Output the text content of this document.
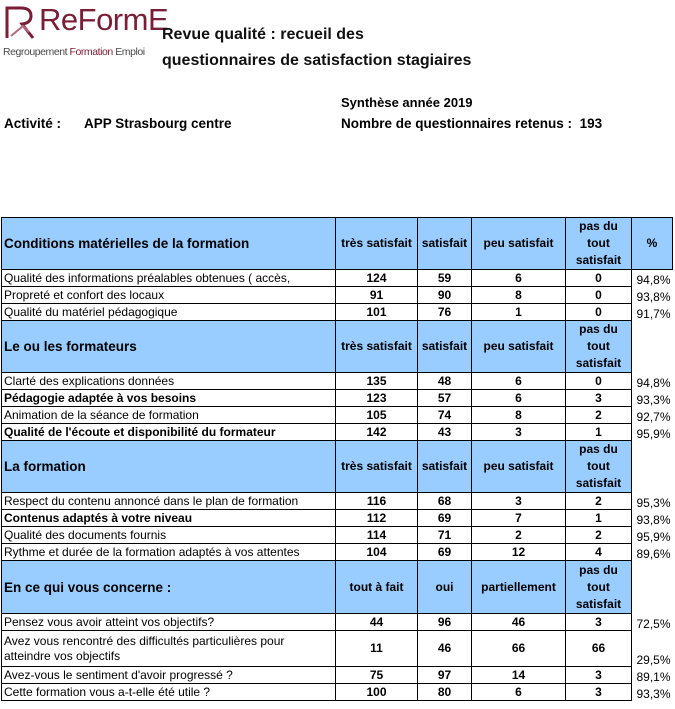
ReFormE
Regroupement Formation Emploi
Revue qualité : recueil des
questionnaires de satisfaction stagiaires
Synthèse année 2019
Activité : APP Strasbourg centre	Nombre de questionnaires retenus : 193
Conditions matérielles de la formation	très satisfait	satisfait	peu satisfait	pas du tout satisfait	%
Qualité des informations préalables obtenues ( accès,	124	59	6	0	94,8%
Propreté et confort des locaux	91	90	8	0	93,8%
Qualité du matériel pédagogique	101	76	1	0	91,7%
Le ou les formateurs	très satisfait	satisfait	peu satisfait	pas du tout satisfait	
Clarté des explications données	135	48	6	0	94,8%
Pédagogie adaptée à vos besoins	123	57	6	3	93,3%
Animation de la séance de formation	105	74	8	2	92,7%
Qualité de l'écoute et disponibilité du formateur	142	43	3	1	95,9%
La formation	très satisfait	satisfait	peu satisfait	pas du tout satisfait	
Respect du contenu annoncé dans le plan de formation	116	68	3	2	95,3%
Contenus adaptés à votre niveau	112	69	7	1	93,8%
Qualité des documents fournis	114	71	2	2	95,9%
Rythme et durée de la formation adaptés à vos attentes	104	69	12	4	89,6%
En ce qui vous concerne :	tout à fait	oui	partiellement	pas du tout satisfait	
Pensez vous avoir atteint vos objectifs?	44	96	46	3	72,5%
Avez vous rencontré des difficultés particulières pour atteindre vos objectifs	11	46	66	66	29,5%
Avez-vous le sentiment d'avoir progressé ?	75	97	14	3	89,1%
Cette formation vous a-t-elle été utile ?	100	80	6	3	93,3%
